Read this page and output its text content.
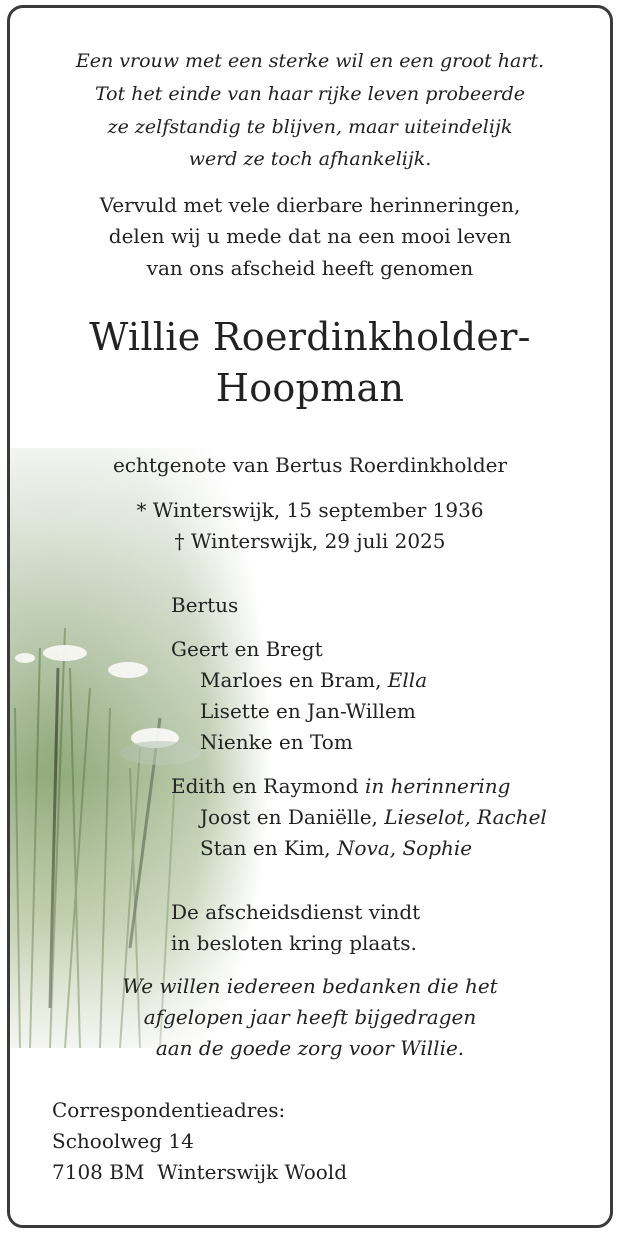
Een vrouw met een sterke wil en een groot hart.
Tot het einde van haar rijke leven probeerde
ze zelfstandig te blijven, maar uiteindelijk
werd ze toch afhankelijk.
Vervuld met vele dierbare herinneringen,
delen wij u mede dat na een mooi leven
van ons afscheid heeft genomen
Willie Roerdinkholder-
Hoopman
echtgenote van Bertus Roerdinkholder
* Winterswijk, 15 september 1936
† Winterswijk, 29 juli 2025
Bertus
Geert en Bregt
Marloes en Bram, Ella
Lisette en Jan-Willem
Nienke en Tom
Edith en Raymond in herinnering
Joost en Daniëlle, Lieselot, Rachel
Stan en Kim, Nova, Sophie
De afscheidsdienst vindt
in besloten kring plaats.
We willen iedereen bedanken die het
afgelopen jaar heeft bijgedragen
aan de goede zorg voor Willie.
Correspondentieadres:
Schoolweg 14
7108 BM  Winterswijk Woold
